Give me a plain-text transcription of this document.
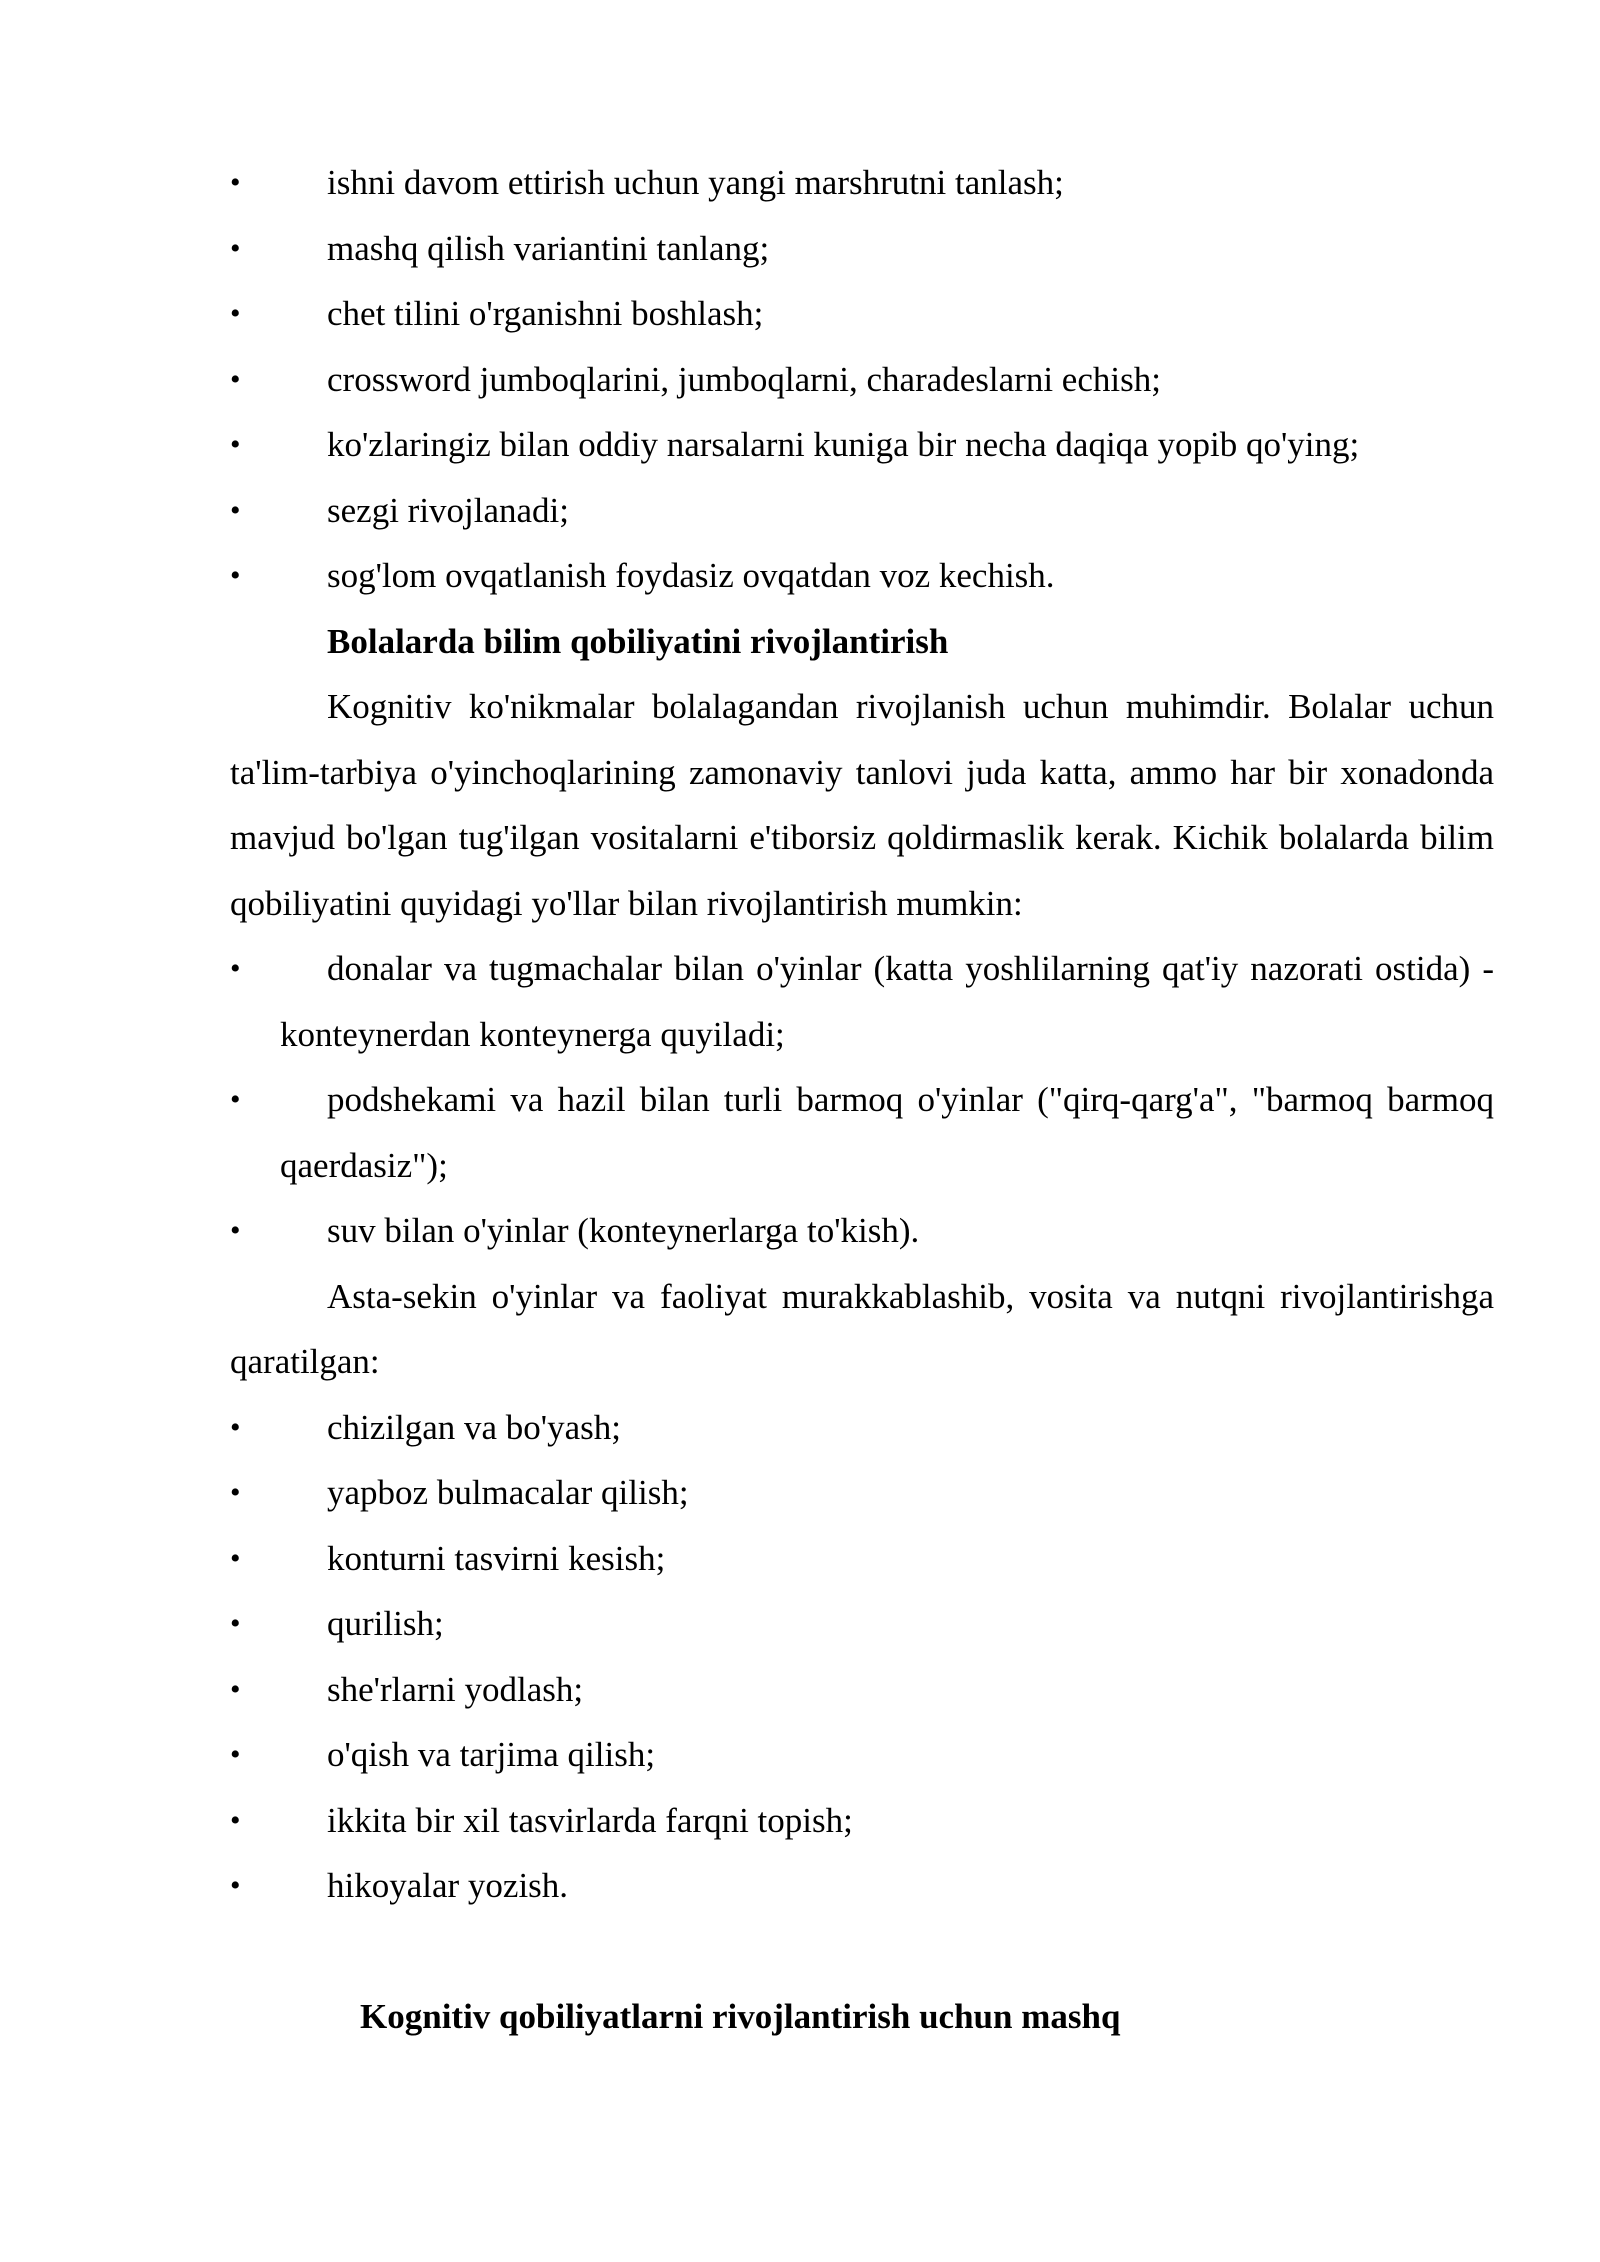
• ishni davom ettirish uchun yangi marshrutni tanlash;
• mashq qilish variantini tanlang;
• chet tilini o'rganishni boshlash;
• crossword jumboqlarini, jumboqlarni, charadeslarni echish;
• ko'zlaringiz bilan oddiy narsalarni kuniga bir necha daqiqa yopib qo'ying;
• sezgi rivojlanadi;
• sog'lom ovqatlanish foydasiz ovqatdan voz kechish.
Bolalarda bilim qobiliyatini rivojlantirish

Kognitiv ko'nikmalar bolalagandan rivojlanish uchun muhimdir. Bolalar uchun ta'lim-tarbiya o'yinchoqlarining zamonaviy tanlovi juda katta, ammo har bir xonadonda mavjud bo'lgan tug'ilgan vositalarni e'tiborsiz qoldirmaslik kerak. Kichik bolalarda bilim qobiliyatini quyidagi yo'llar bilan rivojlantirish mumkin:

• donalar va tugmachalar bilan o'yinlar (katta yoshlilarning qat'iy nazorati ostida) - konteynerdan konteynerga quyiladi;
• podshekami va hazil bilan turli barmoq o'yinlar ("qirq-qarg'a", "barmoq barmoq qaerdasiz");
• suv bilan o'yinlar (konteynerlarga to'kish).

Asta-sekin o'yinlar va faoliyat murakkablashib, vosita va nutqni rivojlantirishga qaratilgan:

• chizilgan va bo'yash;
• yapboz bulmacalar qilish;
• konturni tasvirni kesish;
• qurilish;
• she'rlarni yodlash;
• o'qish va tarjima qilish;
• ikkita bir xil tasvirlarda farqni topish;
• hikoyalar yozish.
Kognitiv qobiliyatlarni rivojlantirish uchun mashq
